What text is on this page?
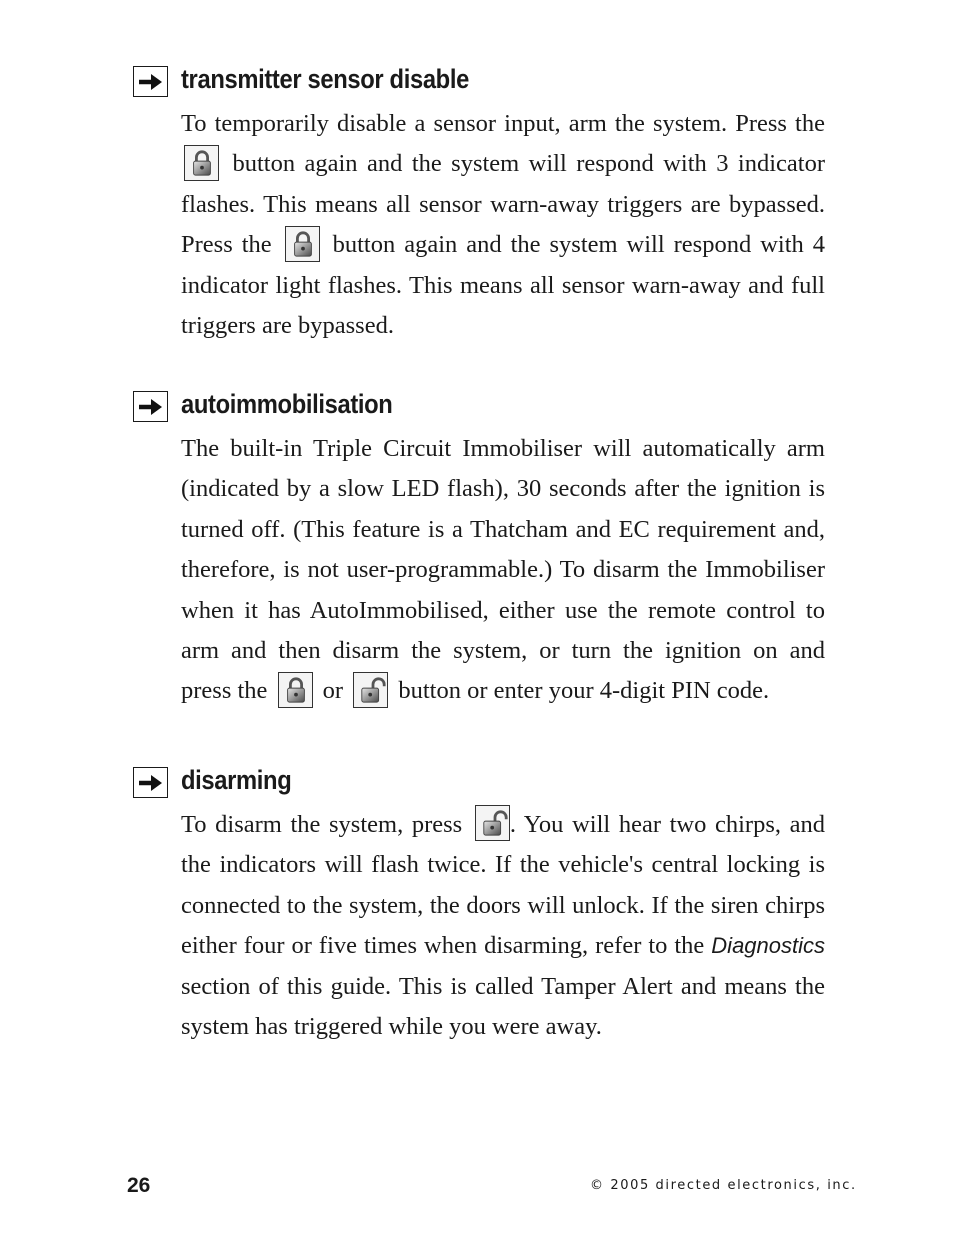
transmitter sensor disable
To temporarily disable a sensor input, arm the system. Press the
button again and the system will respond with 3 indicator
flashes. This means all sensor warn-away triggers are bypassed.
Press the button again and the system will respond with 4
indicator light flashes. This means all sensor warn-away and full
triggers are bypassed.
autoimmobilisation
The built-in Triple Circuit Immobiliser will automatically arm
(indicated by a slow LED flash), 30 seconds after the ignition is
turned off. (This feature is a Thatcham and EC requirement and,
therefore, is not user-programmable.) To disarm the Immobiliser
when it has AutoImmobilised, either use the remote control to
arm and then disarm the system, or turn the ignition on and
press the or button or enter your 4-digit PIN code.
disarming
To disarm the system, press . You will hear two chirps, and
the indicators will flash twice. If the vehicle's central locking is
connected to the system, the doors will unlock. If the siren chirps
either four or five times when disarming, refer to the Diagnostics
section of this guide. This is called Tamper Alert and means the
system has triggered while you were away.
26	© 2005 directed electronics, inc.
